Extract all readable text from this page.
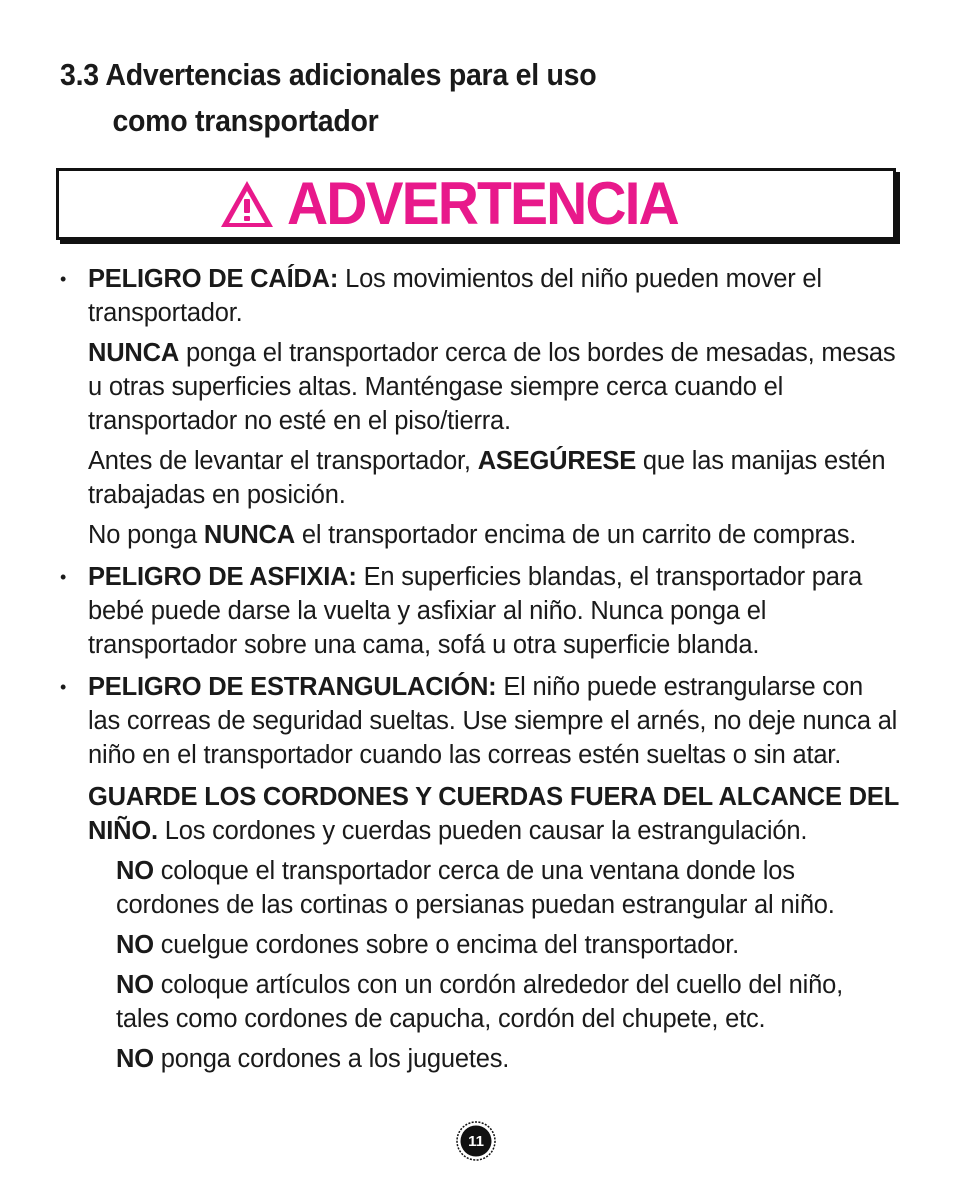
3.3 Advertencias adicionales para el uso
como transportador
ADVERTENCIA
• PELIGRO DE CAÍDA: Los movimientos del niño pueden mover el transportador.
NUNCA ponga el transportador cerca de los bordes de mesadas, mesas u otras superficies altas. Manténgase siempre cerca cuando el transportador no esté en el piso/tierra.
Antes de levantar el transportador, ASEGÚRESE que las manijas estén trabajadas en posición.
No ponga NUNCA el transportador encima de un carrito de compras.
• PELIGRO DE ASFIXIA: En superficies blandas, el transportador para bebé puede darse la vuelta y asfixiar al niño. Nunca ponga el transportador sobre una cama, sofá u otra superficie blanda.
• PELIGRO DE ESTRANGULACIÓN: El niño puede estrangularse con las correas de seguridad sueltas. Use siempre el arnés, no deje nunca al niño en el transportador cuando las correas estén sueltas o sin atar.
GUARDE LOS CORDONES Y CUERDAS FUERA DEL ALCANCE DEL NIÑO. Los cordones y cuerdas pueden causar la estrangulación.
NO coloque el transportador cerca de una ventana donde los cordones de las cortinas o persianas puedan estrangular al niño.
NO cuelgue cordones sobre o encima del transportador.
NO coloque artículos con un cordón alrededor del cuello del niño, tales como cordones de capucha, cordón del chupete, etc.
NO ponga cordones a los juguetes.
11
